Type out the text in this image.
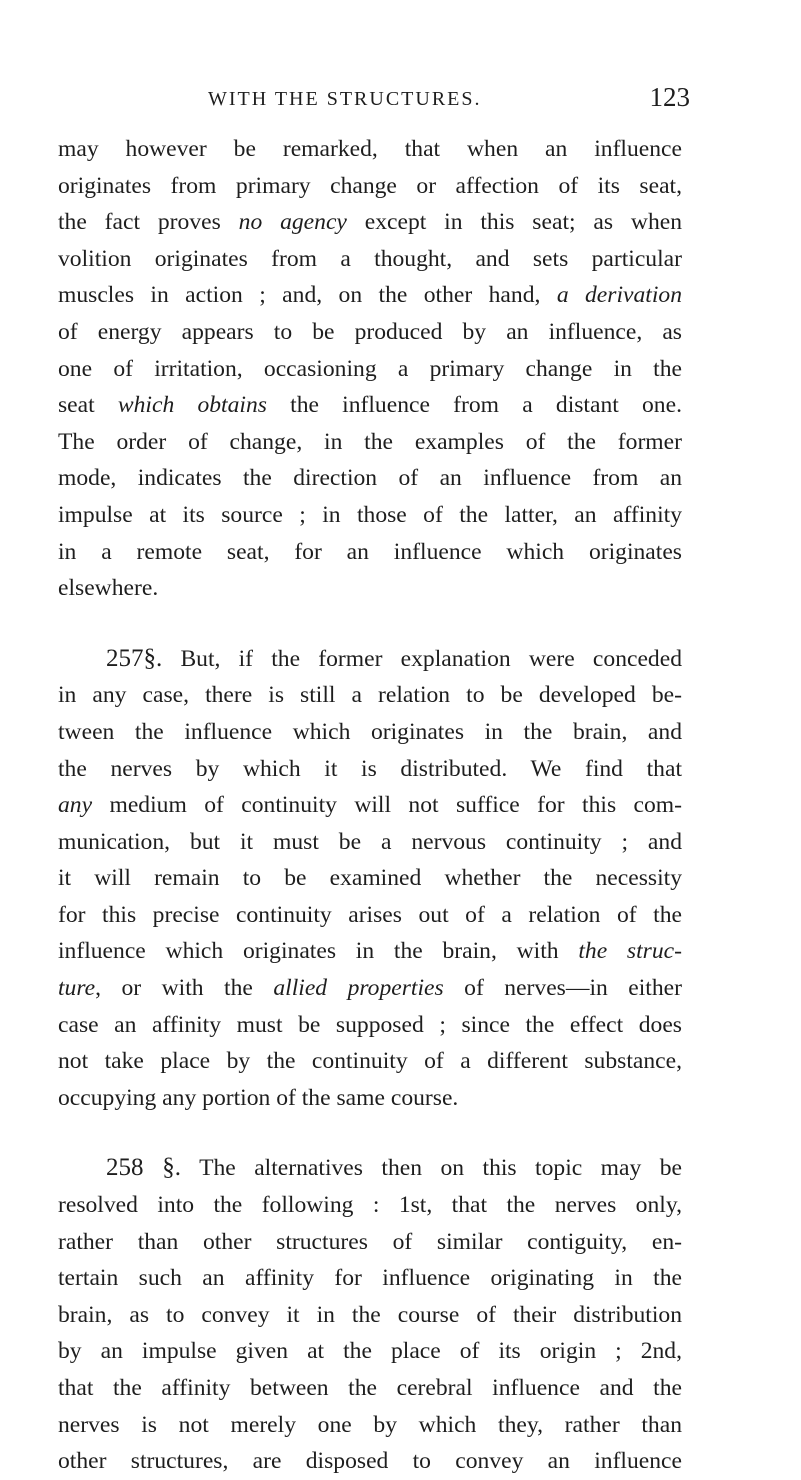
WITH THE STRUCTURES.	123
may however be remarked, that when an influence
originates from primary change or affection of its seat,
the fact proves no agency except in this seat; as when
volition originates from a thought, and sets particular
muscles in action ; and, on the other hand, a derivation
of energy appears to be produced by an influence, as
one of irritation, occasioning a primary change in the
seat which obtains the influence from a distant one.
The order of change, in the examples of the former
mode, indicates the direction of an influence from an
impulse at its source ; in those of the latter, an affinity
in a remote seat, for an influence which originates
elsewhere.
257§. But, if the former explanation were conceded
in any case, there is still a relation to be developed be-
tween the influence which originates in the brain, and
the nerves by which it is distributed. We find that
any medium of continuity will not suffice for this com-
munication, but it must be a nervous continuity ; and
it will remain to be examined whether the necessity
for this precise continuity arises out of a relation of the
influence which originates in the brain, with the struc-
ture, or with the allied properties of nerves—in either
case an affinity must be supposed ; since the effect does
not take place by the continuity of a different substance,
occupying any portion of the same course.
258 §. The alternatives then on this topic may be
resolved into the following : 1st, that the nerves only,
rather than other structures of similar contiguity, en-
tertain such an affinity for influence originating in the
brain, as to convey it in the course of their distribution
by an impulse given at the place of its origin ; 2nd,
that the affinity between the cerebral influence and the
nerves is not merely one by which they, rather than
other structures, are disposed to convey an influence
